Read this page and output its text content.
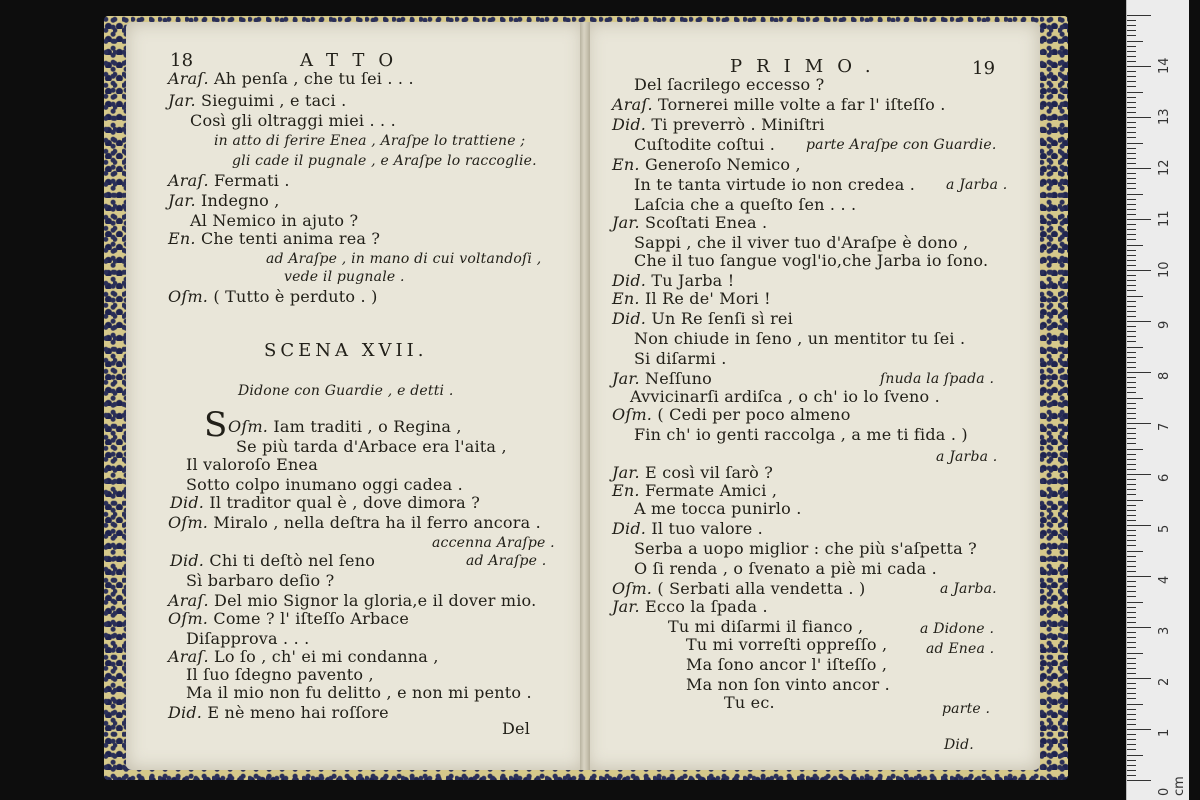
18	ATTO
Araſ. Ah penſa , che tu ſei . . .
Jar. Sieguimi , e taci .
Così gli oltraggi miei . . .
in atto di ferire Enea , Araſpe lo trattiene ;
gli cade il pugnale , e Araſpe lo raccoglie.
Araſ. Fermati .
Jar. Indegno ,
Al Nemico in ajuto ?
En. Che tenti anima rea ?
ad Araſpe , in mano di cui voltandoſi ,
vede il pugnale .
Oſm. ( Tutto è perduto . )
SCENA XVII.
Didone con Guardie , e detti .
Oſm. Iam traditi , o Regina ,
Se più tarda d'Arbace era l'aita ,
Il valoroſo Enea
Sotto colpo inumano oggi cadea .
Did. Il traditor qual è , dove dimora ?
Oſm. Miralo , nella deſtra ha il ferro ancora .
accenna Araſpe .
Did. Chi ti deſtò nel ſeno	ad Araſpe .
Sì barbaro deſio ?
Araſ. Del mio Signor la gloria,e il dover mio.
Oſm. Come ? l' iſteſſo Arbace
Diſapprova . . .
Araſ. Lo ſo , ch' ei mi condanna ,
Il ſuo ſdegno pavento ,
Ma il mio non fu delitto , e non mi pento .
Did. E nè meno hai roſſore
S
Del
PRIMO.	19
Del ſacrilego eccesso ?
Araſ. Tornerei mille volte a far l' iſteſſo .
Did. Ti preverrò . Miniſtri
Cuſtodite coſtui . parte Araſpe con Guardie.
En. Generoſo Nemico ,
In te tanta virtude io non credea . a Jarba .
Laſcia che a queſto ſen . . .
Jar. Scoſtati Enea .
Sappi , che il viver tuo d'Araſpe è dono ,
Che il tuo ſangue vogl'io,che Jarba io ſono.
Did. Tu Jarba !
En. Il Re de' Mori !
Did. Un Re ſenſi sì rei
Non chiude in ſeno , un mentitor tu ſei .
Si diſarmi .
Jar. Neſſuno	ſnuda la ſpada .
Avvicinarſi ardiſca , o ch' io lo ſveno .
Oſm. ( Cedi per poco almeno
Fin ch' io genti raccolga , a me ti fida . )
a Jarba .
Jar. E così vil ſarò ?
En. Fermate Amici ,
A me tocca punirlo .
Did. Il tuo valore .
Serba a uopo miglior : che più s'aſpetta ?
O ſi renda , o ſvenato a piè mi cada .
Oſm. ( Serbati alla vendetta . )	a Jarba.
Jar. Ecco la ſpada .
Tu mi diſarmi il fianco ,	a Didone .
Tu mi vorreſti oppreſſo ,	ad Enea .
Ma ſono ancor l' iſteſſo ,
Ma non ſon vinto ancor .
Tu ec.	parte .
Did.
0 cm
1
2
3
4
5
6
7
8
9
10
11
12
13
14
